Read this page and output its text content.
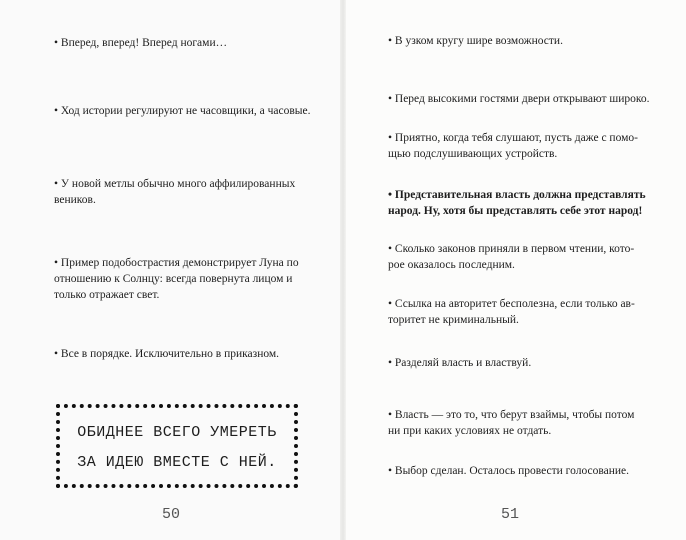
• Вперед, вперед! Вперед ногами…
• Ход истории регулируют не часовщики, а часовые.
• У новой метлы обычно много аффилированных
веников.
• Пример подобострастия демонстрирует Луна по
отношению к Солнцу: всегда повернута лицом и
только отражает свет.
• Все в порядке. Исключительно в приказном.
ОБИДНЕЕ ВСЕГО УМЕРЕТЬ
ЗА ИДЕЮ ВМЕСТЕ С НЕЙ.
50
• В узком кругу шире возможности.
• Перед высокими гостями двери открывают широко.
• Приятно, когда тебя слушают, пусть даже с помо-
щью подслушивающих устройств.
• Представительная власть должна представлять
народ. Ну, хотя бы представлять себе этот народ!
• Сколько законов приняли в первом чтении, кото-
рое оказалось последним.
• Ссылка на авторитет бесполезна, если только ав-
торитет не криминальный.
• Разделяй власть и властвуй.
• Власть — это то, что берут взаймы, чтобы потом
ни при каких условиях не отдать.
• Выбор сделан. Осталось провести голосование.
51
